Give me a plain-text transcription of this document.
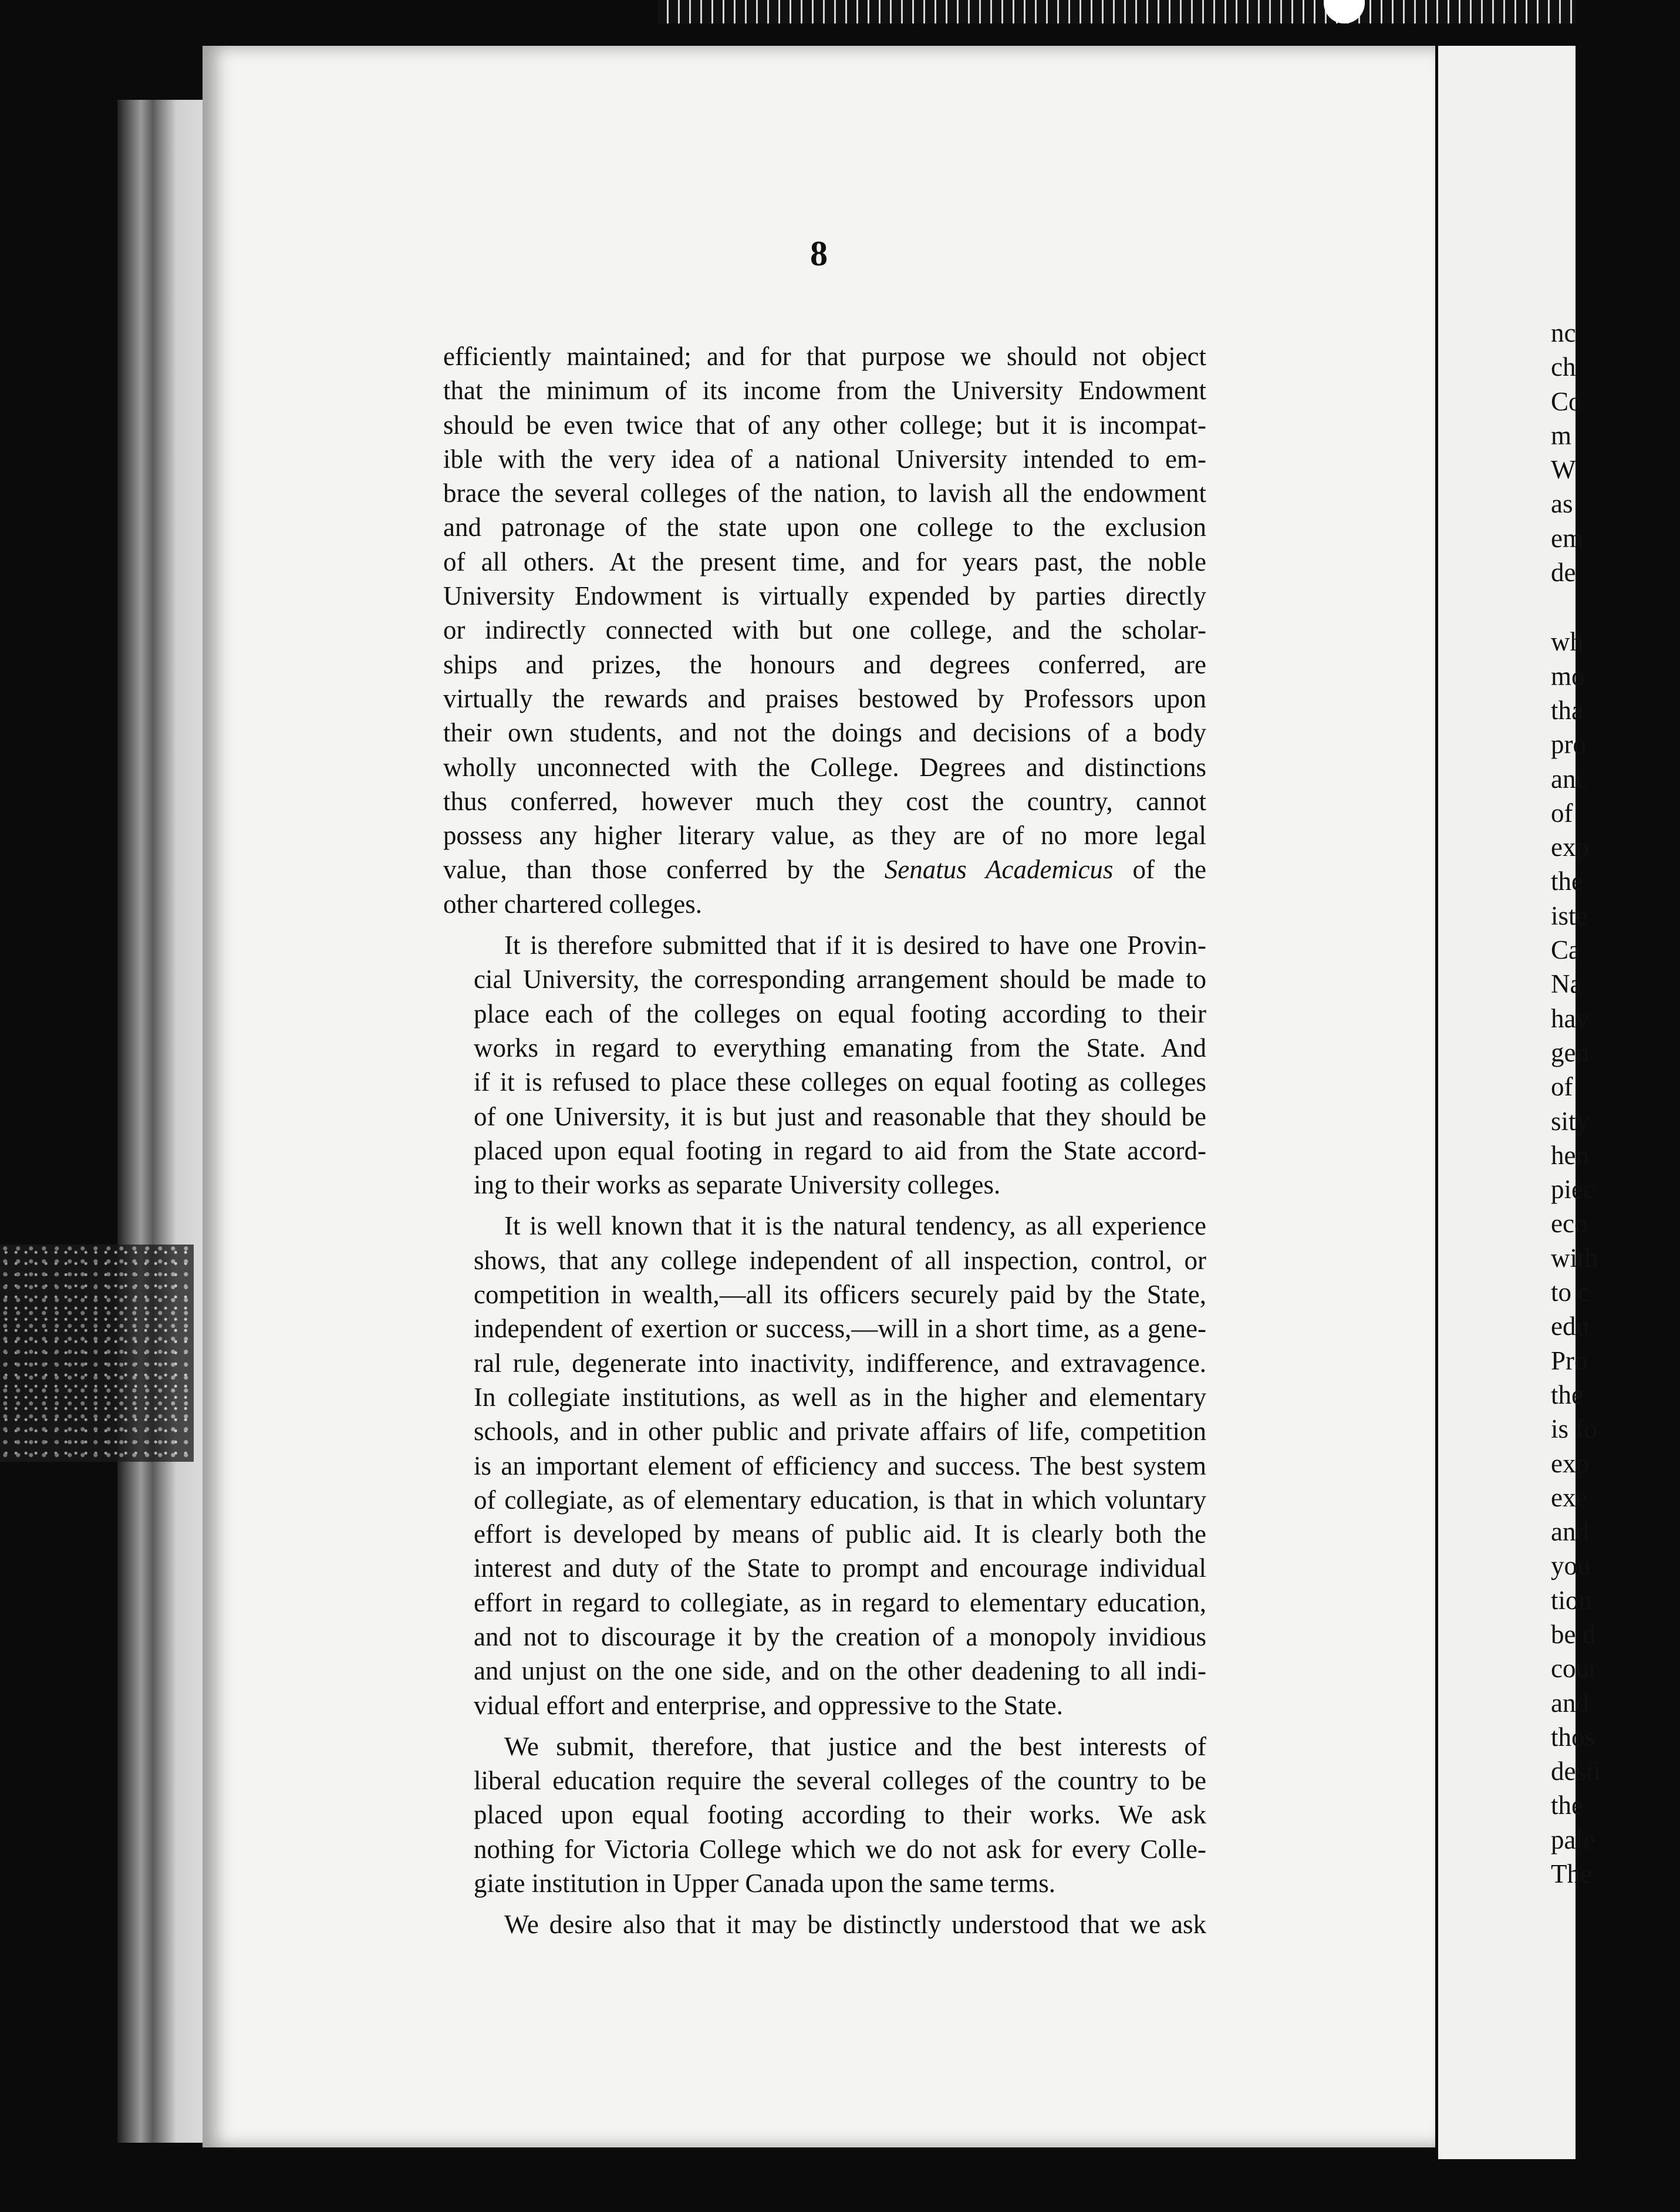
8

efficiently maintained; and for that purpose we should not object
that the minimum of its income from the University Endowment
should be even twice that of any other college; but it is incompat-
ible with the very idea of a national University intended to em-
brace the several colleges of the nation, to lavish all the endowment
and patronage of the state upon one college to the exclusion
of all others. At the present time, and for years past, the noble
University Endowment is virtually expended by parties directly
or indirectly connected with but one college, and the scholar-
ships and prizes, the honours and degrees conferred, are
virtually the rewards and praises bestowed by Professors upon
their own students, and not the doings and decisions of a body
wholly unconnected with the College. Degrees and distinctions
thus conferred, however much they cost the country, cannot
possess any higher literary value, as they are of no more legal
value, than those conferred by the Senatus Academicus of the
other chartered colleges.

It is therefore submitted that if it is desired to have one Provin-
cial University, the corresponding arrangement should be made to
place each of the colleges on equal footing according to their
works in regard to everything emanating from the State. And
if it is refused to place these colleges on equal footing as colleges
of one University, it is but just and reasonable that they should be
placed upon equal footing in regard to aid from the State accord-
ing to their works as separate University colleges.

It is well known that it is the natural tendency, as all experience
shows, that any college independent of all inspection, control, or
competition in wealth,—all its officers securely paid by the State,
independent of exertion or success,—will in a short time, as a gene-
ral rule, degenerate into inactivity, indifference, and extravagence.
In collegiate institutions, as well as in the higher and elementary
schools, and in other public and private affairs of life, competition
is an important element of efficiency and success. The best system
of collegiate, as of elementary education, is that in which voluntary
effort is developed by means of public aid. It is clearly both the
interest and duty of the State to prompt and encourage individual
effort in regard to collegiate, as in regard to elementary education,
and not to discourage it by the creation of a monopoly invidious
and unjust on the one side, and on the other deadening to all indi-
vidual effort and enterprise, and oppressive to the State.

We submit, therefore, that justice and the best interests of
liberal education require the several colleges of the country to be
placed upon equal footing according to their works. We ask
nothing for Victoria College which we do not ask for every Colle-
giate institution in Upper Canada upon the same terms.

We desire also that it may be distinctly understood that we ask

nc
ch
Co
m
W
as
em
de
wh
mo
tha
pro
anc
of
exp
the
iste
Ca
Na
hav
gen
of
sity
hen
piec
eco
with
to c
edu
Pro
the
is fo
exp
exe
and
you
tion
be d
cour
and
thos
desti
the
pale
The
